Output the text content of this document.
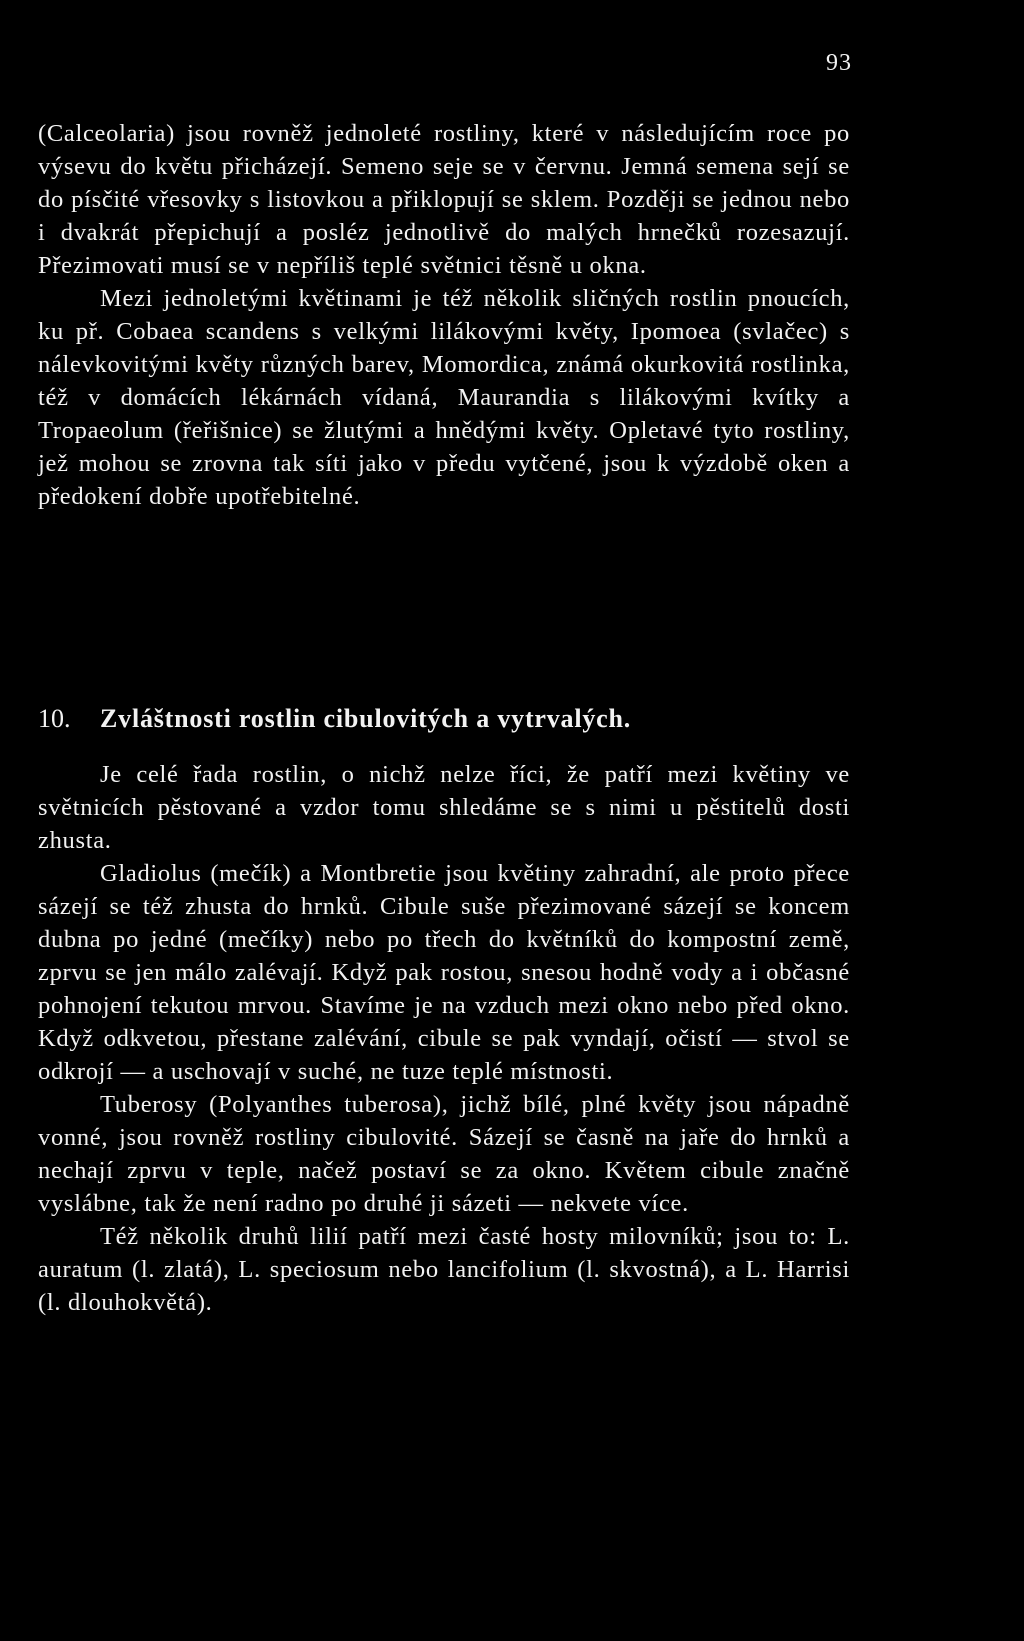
93

(Calceolaria) jsou rovněž jednoleté rostliny, které v následujícím roce po výsevu do květu přicházejí. Semeno seje se v červnu. Jemná semena sejí se do písčité vřesovky s listovkou a přiklopují se sklem. Později se jednou nebo i dvakrát přepichují a posléz jednotlivě do malých hrnečků rozesazují. Přezimovati musí se v nepříliš teplé světnici těsně u okna.

Mezi jednoletými květinami je též několik sličných rostlin pnoucích, ku př. Cobaea scandens s velkými lilákovými květy, Ipomoea (svlačec) s nálevkovitými květy různých barev, Momordica, známá okurkovitá rostlinka, též v domácích lékárnách vídaná, Maurandia s lilákovými kvítky a Tropaeolum (řeřišnice) se žlutými a hnědými květy. Opletavé tyto rostliny, jež mohou se zrovna tak síti jako v předu vytčené, jsou k výzdobě oken a předokení dobře upotřebitelné.

10. Zvláštnosti rostlin cibulovitých a vytrvalých.

Je celé řada rostlin, o nichž nelze říci, že patří mezi květiny ve světnicích pěstované a vzdor tomu shledáme se s nimi u pěstitelů dosti zhusta.

Gladiolus (mečík) a Montbretie jsou květiny zahradní, ale proto přece sázejí se též zhusta do hrnků. Cibule suše přezimované sázejí se koncem dubna po jedné (mečíky) nebo po třech do květníků do kompostní země, zprvu se jen málo zalévají. Když pak rostou, snesou hodně vody a i občasné pohnojení tekutou mrvou. Stavíme je na vzduch mezi okno nebo před okno. Když odkvetou, přestane zalévání, cibule se pak vyndají, očistí — stvol se odkrojí — a uschovají v suché, ne tuze teplé místnosti.

Tuberosy (Polyanthes tuberosa), jichž bílé, plné květy jsou nápadně vonné, jsou rovněž rostliny cibulovité. Sázejí se časně na jaře do hrnků a nechají zprvu v teple, načež postaví se za okno. Květem cibule značně vyslábne, tak že není radno po druhé ji sázeti — nekvete více.

Též několik druhů lilií patří mezi časté hosty milovníků; jsou to: L. auratum (l. zlatá), L. speciosum nebo lancifolium (l. skvostná), a L. Harrisi (l. dlouhokvětá).
